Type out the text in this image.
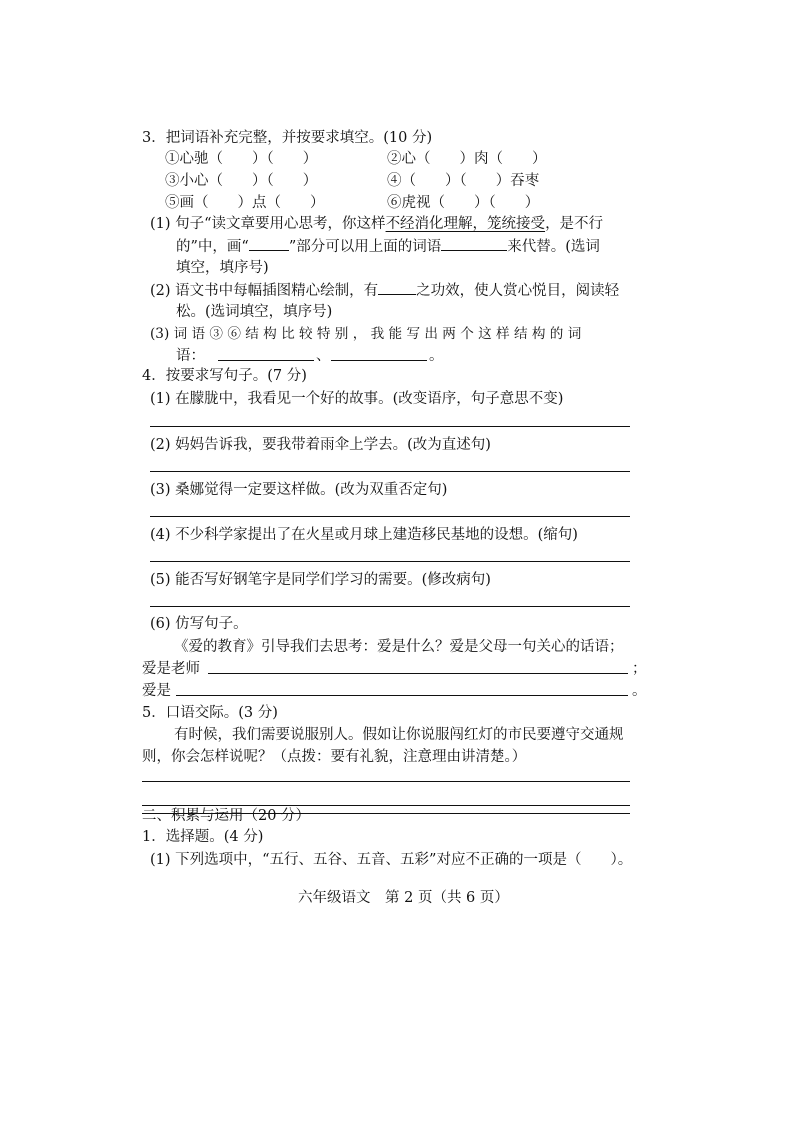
3．把词语补充完整，并按要求填空。(10 分)
①心驰（　　）（　　）	②心（　　）肉（　　）
③小心（　　）（　　）	④（　　）（　　）吞枣
⑤画（　　）点（　　）	⑥虎视（　　）（　　）
(1) 句子“读文章要用心思考，你这样不经消化理解，笼统接受，是不行
的”中，画“	”部分可以用上面的词语	来代替。(选词
填空，填序号)
(2) 语文书中每幅插图精心绘制，有	之功效，使人赏心悦目，阅读轻
松。(选词填空，填序号)
(3) 词 语 ③ ⑥ 结 构 比 较 特 别 ， 我 能 写 出 两 个 这 样 结 构 的 词
语：	、	。
4．按要求写句子。(7 分)
(1) 在朦胧中，我看见一个好的故事。(改变语序，句子意思不变)
(2) 妈妈告诉我，要我带着雨伞上学去。(改为直述句)
(3) 桑娜觉得一定要这样做。(改为双重否定句)
(4) 不少科学家提出了在火星或月球上建造移民基地的设想。(缩句)
(5) 能否写好钢笔字是同学们学习的需要。(修改病句)
(6) 仿写句子。
《爱的教育》引导我们去思考：爱是什么？爱是父母一句关心的话语；
爱是老师	；
爱是	。
5．口语交际。(3 分)
有时候，我们需要说服别人。假如让你说服闯红灯的市民要遵守交通规
则，你会怎样说呢？（点拨：要有礼貌，注意理由讲清楚。）
二、积累与运用（20 分）
1．选择题。(4 分)
(1) 下列选项中，“五行、五谷、五音、五彩”对应不正确的一项是（　　）。
六年级语文　第 2 页（共 6 页）
